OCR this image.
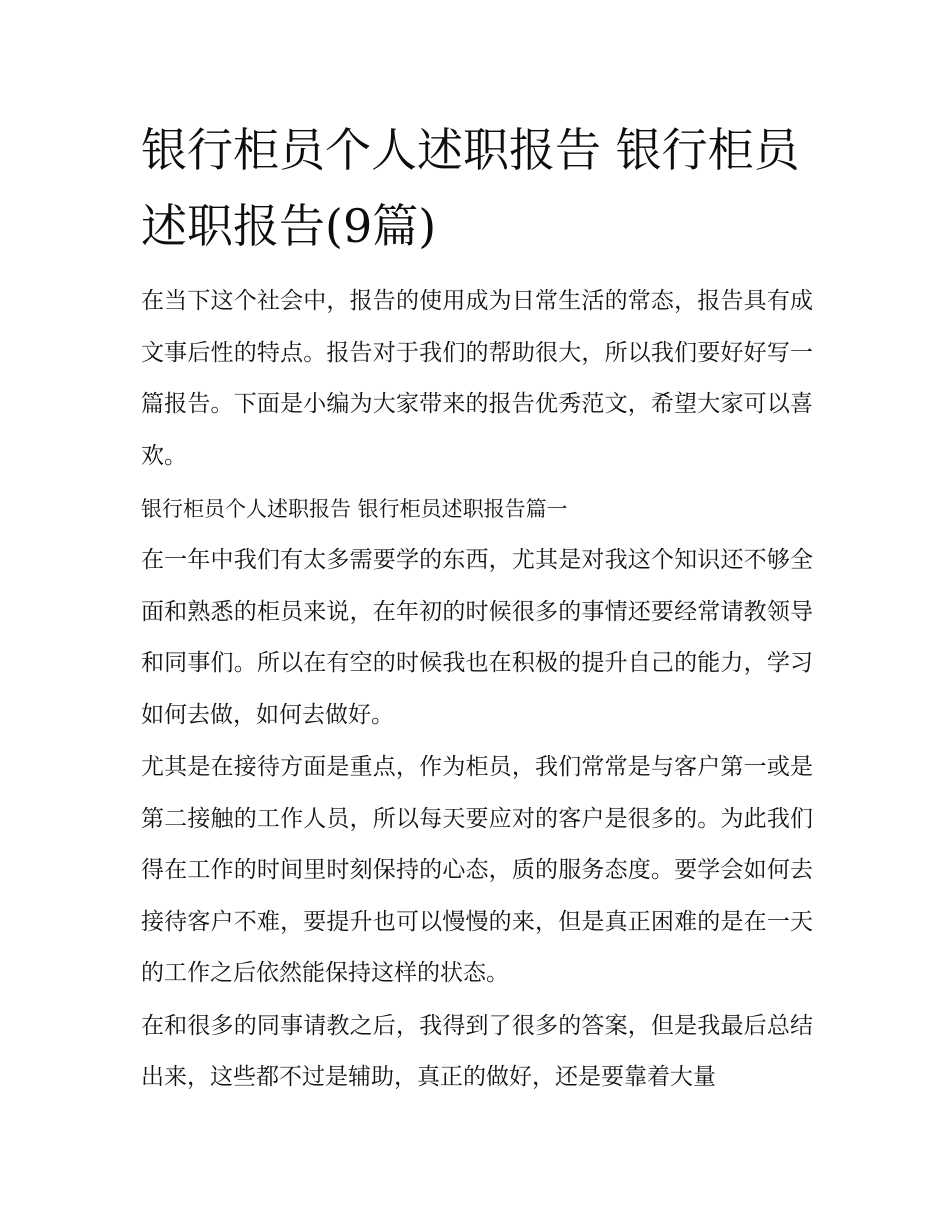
银行柜员个人述职报告 银行柜员述职报告(9篇)

在当下这个社会中，报告的使用成为日常生活的常态，报告具有成文事后性的特点。报告对于我们的帮助很大，所以我们要好好写一篇报告。下面是小编为大家带来的报告优秀范文，希望大家可以喜欢。

银行柜员个人述职报告 银行柜员述职报告篇一

在一年中我们有太多需要学的东西，尤其是对我这个知识还不够全面和熟悉的柜员来说，在年初的时候很多的事情还要经常请教领导和同事们。所以在有空的时候我也在积极的提升自己的能力，学习如何去做，如何去做好。

尤其是在接待方面是重点，作为柜员，我们常常是与客户第一或是第二接触的工作人员，所以每天要应对的客户是很多的。为此我们得在工作的时间里时刻保持的心态，质的服务态度。要学会如何去接待客户不难，要提升也可以慢慢的来，但是真正困难的是在一天的工作之后依然能保持这样的状态。

在和很多的同事请教之后，我得到了很多的答案，但是我最后总结出来，这些都不过是辅助，真正的做好，还是要靠着大量
